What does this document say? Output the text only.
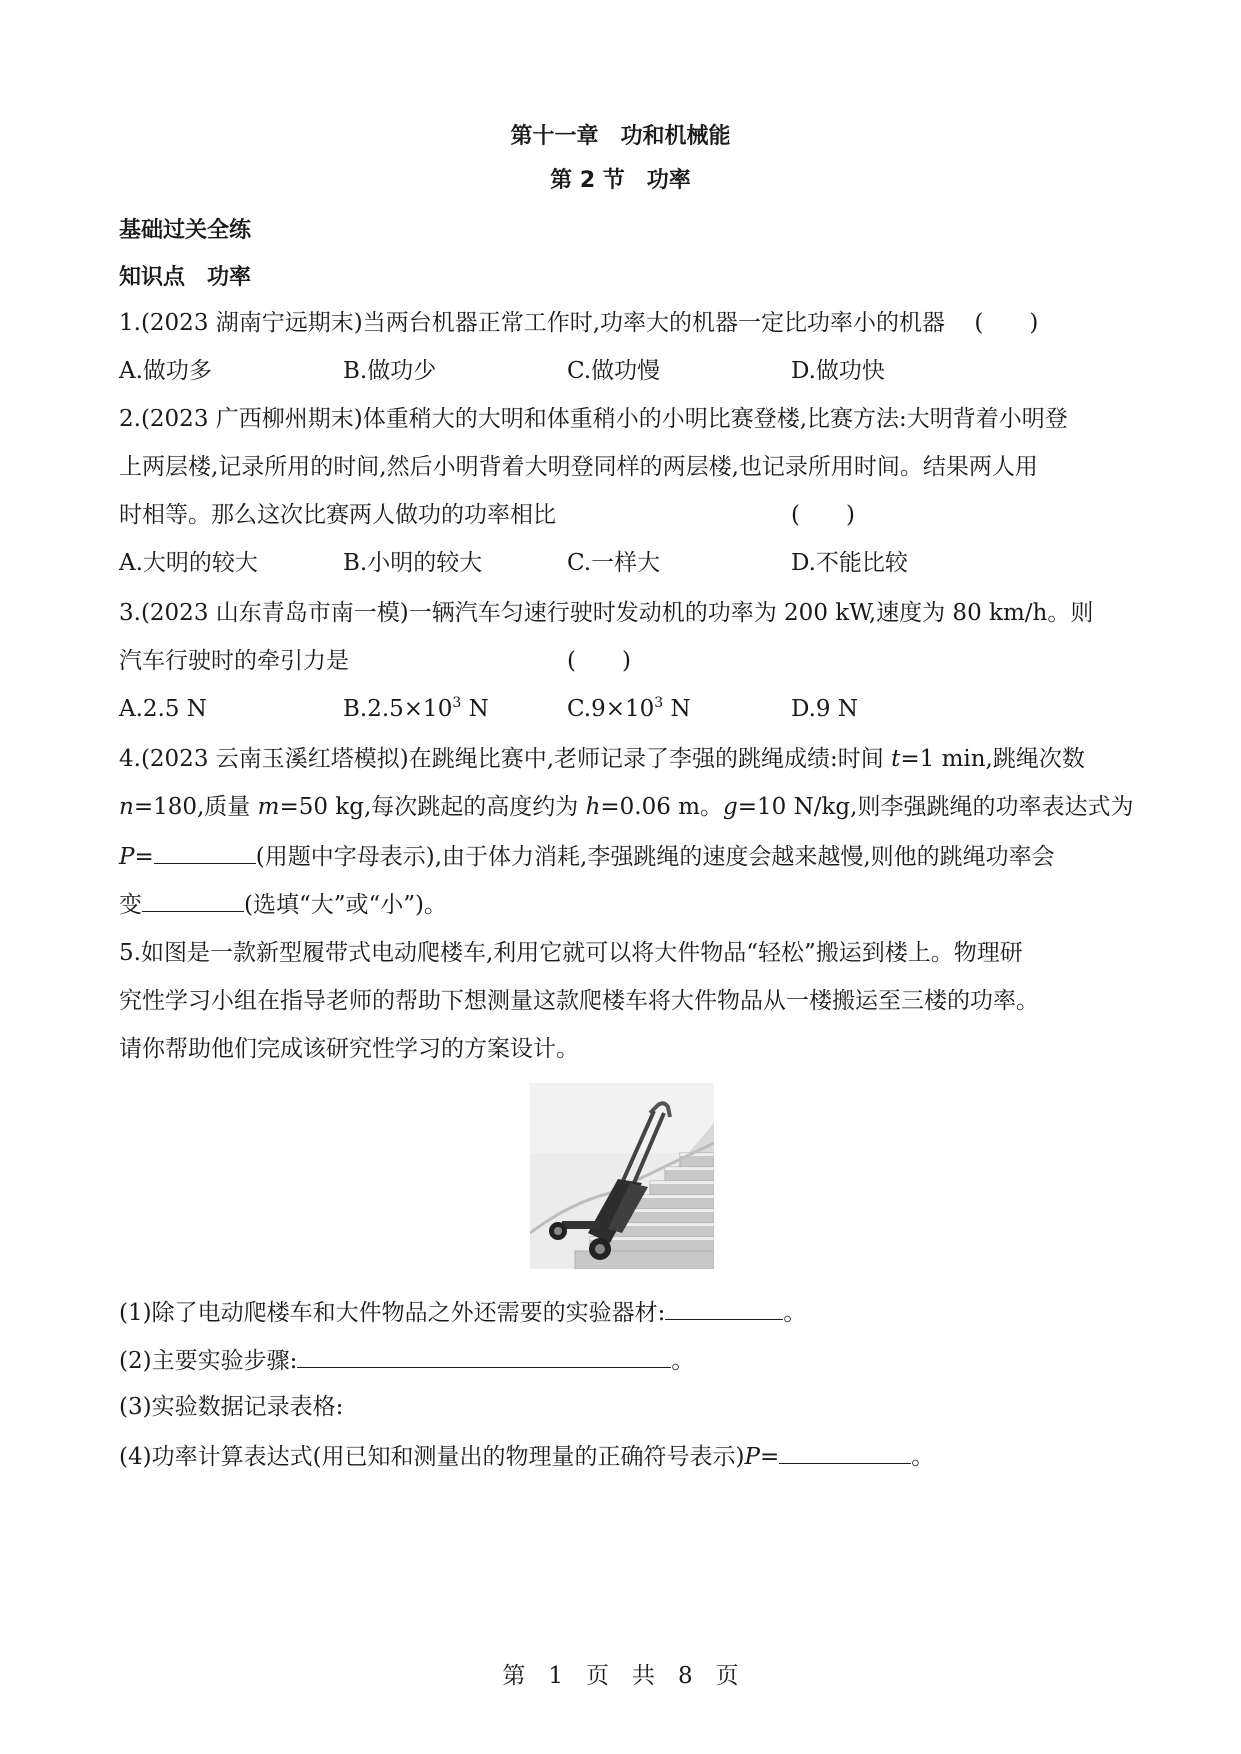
第十一章　功和机械能
第 2 节　功率
基础过关全练
知识点　功率
1.(2023 湖南宁远期末)当两台机器正常工作时,功率大的机器一定比功率小的机器 (　　)
A.做功多	B.做功少	C.做功慢	D.做功快
2.(2023 广西柳州期末)体重稍大的大明和体重稍小的小明比赛登楼,比赛方法:大明背着小明登
上两层楼,记录所用的时间,然后小明背着大明登同样的两层楼,也记录所用时间。结果两人用
时相等。那么这次比赛两人做功的功率相比	(　　)
A.大明的较大	B.小明的较大	C.一样大	D.不能比较
3.(2023 山东青岛市南一模)一辆汽车匀速行驶时发动机的功率为 200 kW,速度为 80 km/h。则
汽车行驶时的牵引力是	(　　)
A.2.5 N	$B.2.5\times 10^3$ N	$C.9\times 10^3$ N	D.9 N
4.(2023 云南玉溪红塔模拟)在跳绳比赛中,老师记录了李强的跳绳成绩:时间 t=1 min,跳绳次数
n=180,质量 m=50 kg,每次跳起的高度约为 h=0.06 m。g=10 N/kg,则李强跳绳的功率表达式为
P=	(用题中字母表示),由于体力消耗,李强跳绳的速度会越来越慢,则他的跳绳功率会
变	(选填“大”或“小”)。
5.如图是一款新型履带式电动爬楼车,利用它就可以将大件物品“轻松”搬运到楼上。物理研
究性学习小组在指导老师的帮助下想测量这款爬楼车将大件物品从一楼搬运至三楼的功率。
请你帮助他们完成该研究性学习的方案设计。
(1)除了电动爬楼车和大件物品之外还需要的实验器材:	。
(2)主要实验步骤:	。
(3)实验数据记录表格:
(4)功率计算表达式(用已知和测量出的物理量的正确符号表示)P=	。
第　1　页　共　8　页
